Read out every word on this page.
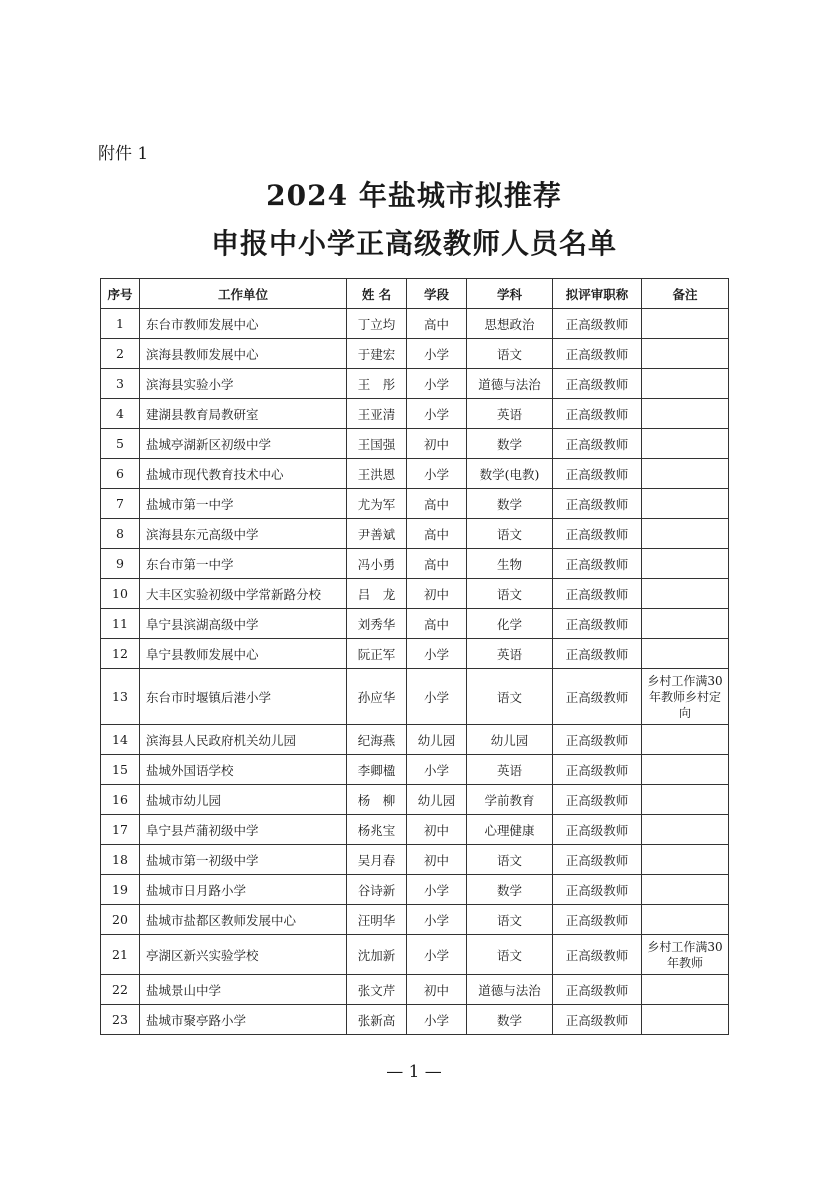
附件 1
2024 年盐城市拟推荐
申报中小学正高级教师人员名单
序号	工作单位	姓 名	学段	学科	拟评审职称	备注
1	东台市教师发展中心	丁立均	高中	思想政治	正高级教师	
2	滨海县教师发展中心	于建宏	小学	语文	正高级教师	
3	滨海县实验小学	王　彤	小学	道德与法治	正高级教师	
4	建湖县教育局教研室	王亚清	小学	英语	正高级教师	
5	盐城亭湖新区初级中学	王国强	初中	数学	正高级教师	
6	盐城市现代教育技术中心	王洪恩	小学	数学(电教)	正高级教师	
7	盐城市第一中学	尤为军	高中	数学	正高级教师	
8	滨海县东元高级中学	尹善斌	高中	语文	正高级教师	
9	东台市第一中学	冯小勇	高中	生物	正高级教师	
10	大丰区实验初级中学常新路分校	吕　龙	初中	语文	正高级教师	
11	阜宁县滨湖高级中学	刘秀华	高中	化学	正高级教师	
12	阜宁县教师发展中心	阮正军	小学	英语	正高级教师	
13	东台市时堰镇后港小学	孙应华	小学	语文	正高级教师	乡村工作满30年教师乡村定向
14	滨海县人民政府机关幼儿园	纪海燕	幼儿园	幼儿园	正高级教师	
15	盐城外国语学校	李卿楹	小学	英语	正高级教师	
16	盐城市幼儿园	杨　柳	幼儿园	学前教育	正高级教师	
17	阜宁县芦蒲初级中学	杨兆宝	初中	心理健康	正高级教师	
18	盐城市第一初级中学	吴月春	初中	语文	正高级教师	
19	盐城市日月路小学	谷诗新	小学	数学	正高级教师	
20	盐城市盐都区教师发展中心	汪明华	小学	语文	正高级教师	
21	亭湖区新兴实验学校	沈加新	小学	语文	正高级教师	乡村工作满30年教师
22	盐城景山中学	张文芹	初中	道德与法治	正高级教师	
23	盐城市聚亭路小学	张新高	小学	数学	正高级教师	
— 1 —
